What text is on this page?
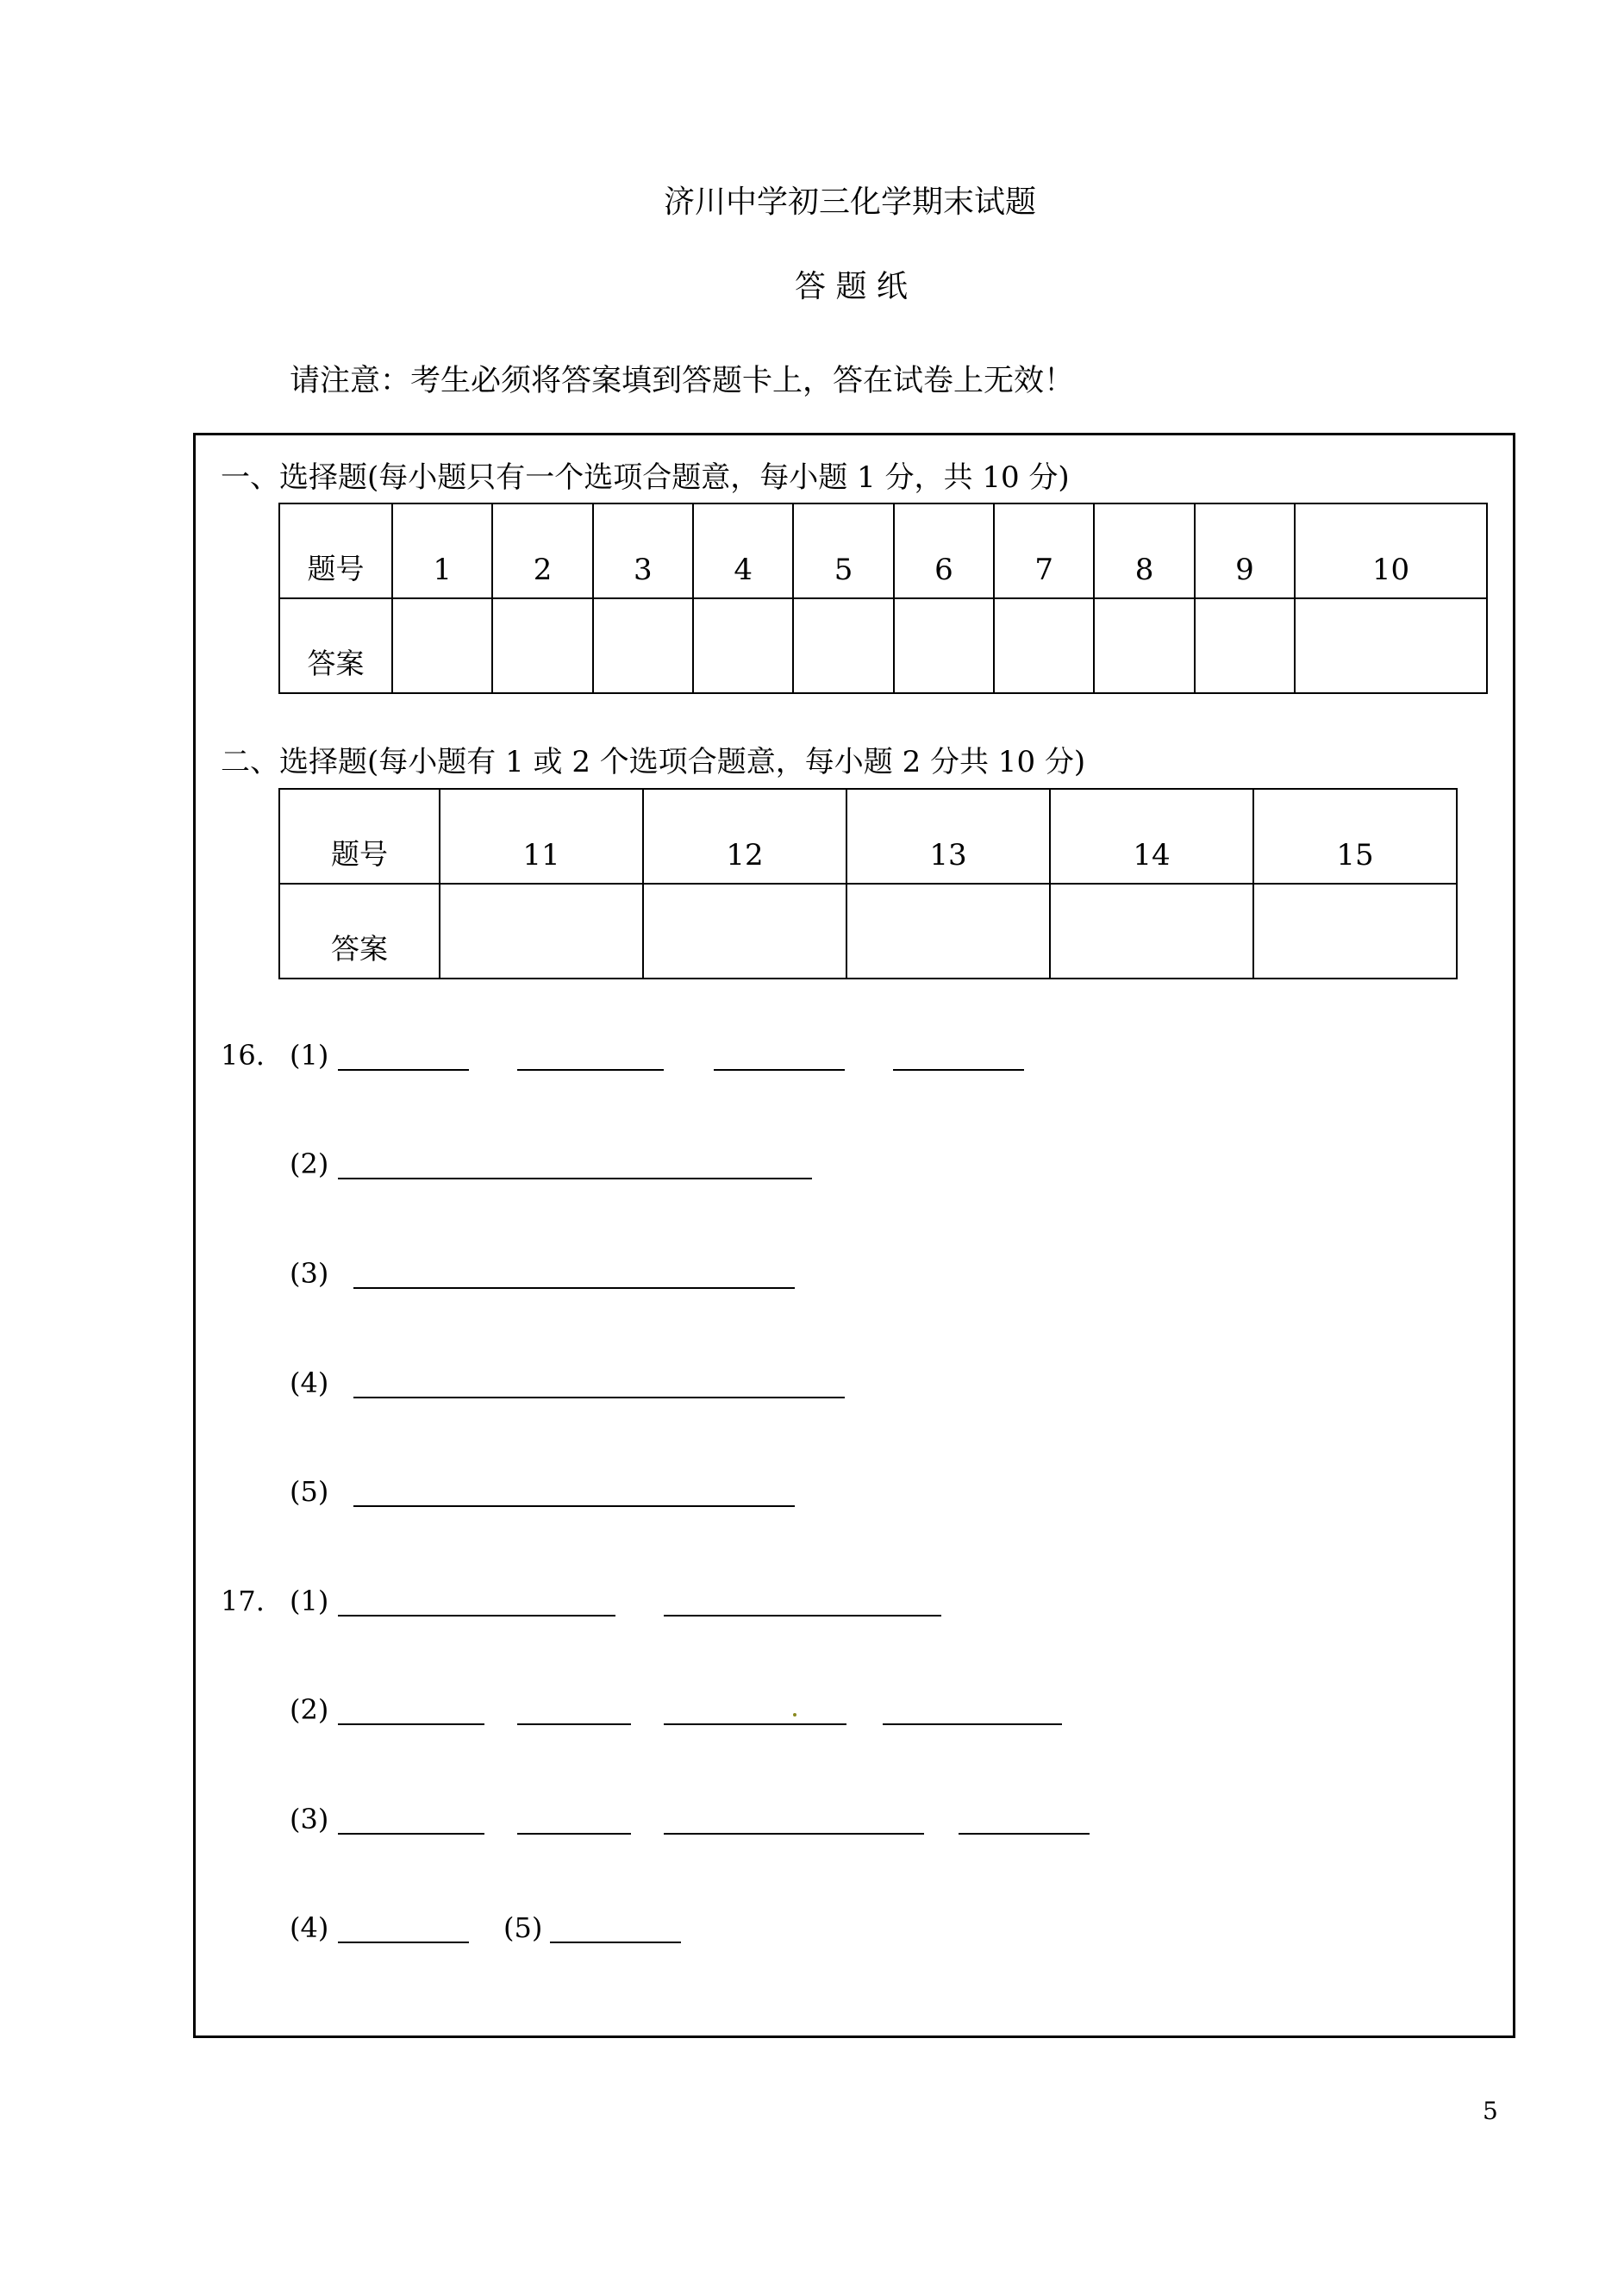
济川中学初三化学期末试题
答 题 纸
请注意：考生必须将答案填到答题卡上，答在试卷上无效！
一、选择题(每小题只有一个选项合题意，每小题 1 分，共 10 分)
题号	1	2	3	4	5	6	7	8	9	10
答案										
二、选择题(每小题有 1 或 2 个选项合题意，每小题 2 分共 10 分)
题号	11	12	13	14	15
答案					
16. (1)
(2)
(3)
(4)
(5)
17. (1)
(2)
(3)
(4)	(5)
5
